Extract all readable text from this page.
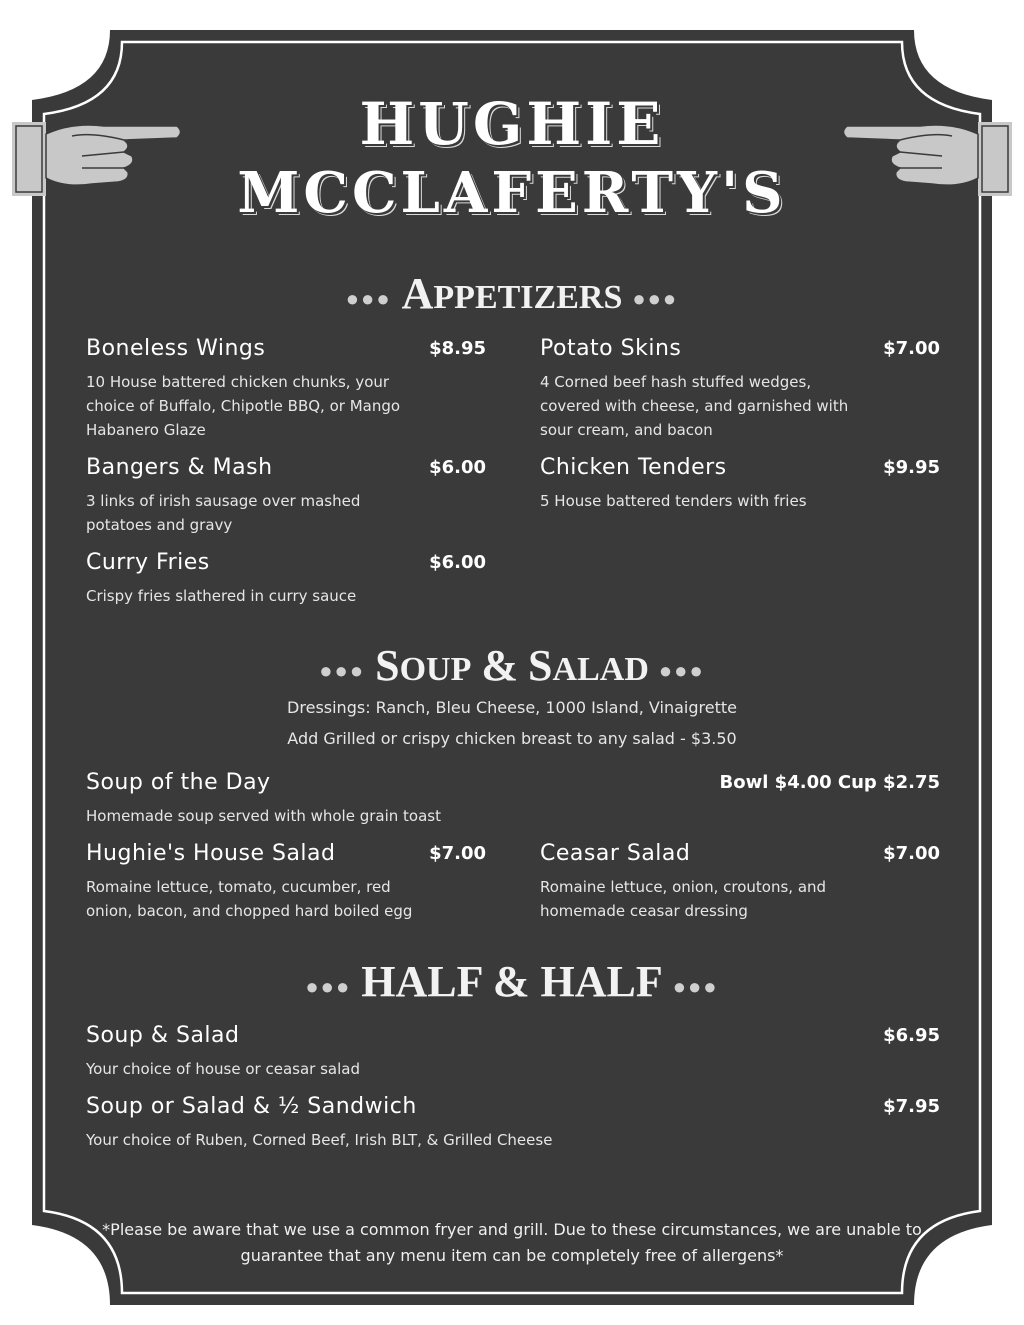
HUGHIE
MCCLAFERTY'S
●●● APPETIZERS ●●●
Boneless Wings	$8.95
10 House battered chicken chunks, your choice of Buffalo, Chipotle BBQ, or Mango Habanero Glaze
Potato Skins	$7.00
4 Corned beef hash stuffed wedges, covered with cheese, and garnished with sour cream, and bacon
Bangers & Mash	$6.00
3 links of irish sausage over mashed potatoes and gravy
Chicken Tenders	$9.95
5 House battered tenders with fries
Curry Fries	$6.00
Crispy fries slathered in curry sauce
●●● SOUP & SALAD ●●●
Dressings: Ranch, Bleu Cheese, 1000 Island, Vinaigrette
Add Grilled or crispy chicken breast to any salad - $3.50
Soup of the Day	Bowl $4.00 Cup $2.75
Homemade soup served with whole grain toast
Hughie's House Salad	$7.00
Romaine lettuce, tomato, cucumber, red onion, bacon, and chopped hard boiled egg
Ceasar Salad	$7.00
Romaine lettuce, onion, croutons, and homemade ceasar dressing
●●● HALF & HALF ●●●
Soup & Salad	$6.95
Your choice of house or ceasar salad
Soup or Salad & ½ Sandwich	$7.95
Your choice of Ruben, Corned Beef, Irish BLT, & Grilled Cheese
*Please be aware that we use a common fryer and grill. Due to these circumstances, we are unable to guarantee that any menu item can be completely free of allergens*
